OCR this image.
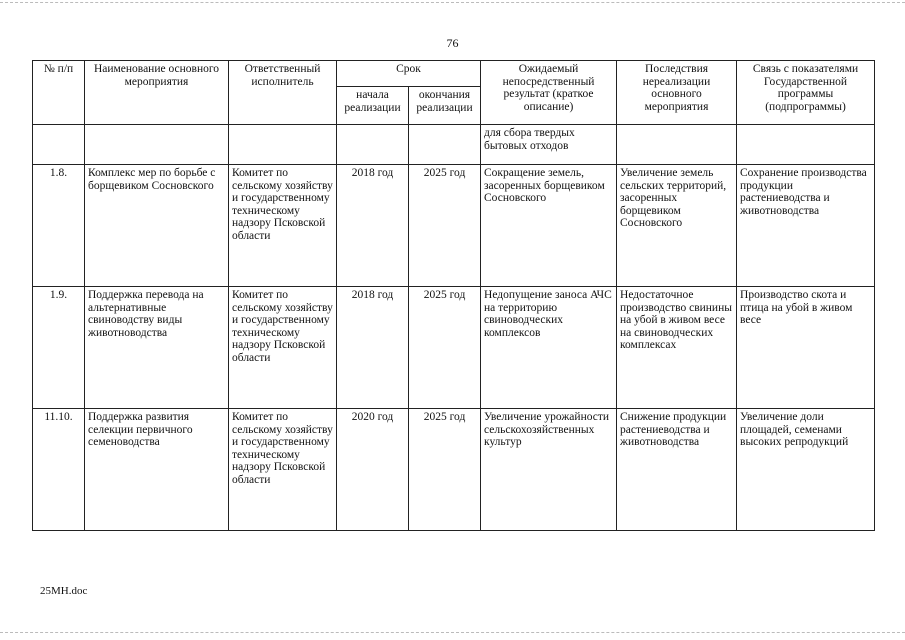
76
№ п/п	Наименование основного мероприятия	Ответственный исполнитель	Срок		Ожидаемый непосредственный результат (краткое описание)	Последствия нереализации основного мероприятия	Связь с показателями Государственной программы (подпрограммы)
			начала реализации	окончания реализации			
					для сбора твердых бытовых отходов		
1.8.	Комплекс мер по борьбе с борщевиком Сосновского	Комитет по сельскому хозяйству и государственному техническому надзору Псковской области	2018 год	2025 год	Сокращение земель, засоренных борщевиком Сосновского	Увеличение земель сельских территорий, засоренных борщевиком Сосновского	Сохранение производства продукции растениеводства и животноводства
1.9.	Поддержка перевода на альтернативные свиноводству виды животноводства	Комитет по сельскому хозяйству и государственному техническому надзору Псковской области	2018 год	2025 год	Недопущение заноса АЧС на территорию свиноводческих комплексов	Недостаточное производство свинины на убой в живом весе на свиноводческих комплексах	Производство скота и птица на убой в живом весе
11.10.	Поддержка развития селекции первичного семеноводства	Комитет по сельскому хозяйству и государственному техническому надзору Псковской области	2020 год	2025 год	Увеличение урожайности сельскохозяйственных культур	Снижение продукции растениеводства и животноводства	Увеличение доли площадей, семенами высоких репродукций
25MH.doc
